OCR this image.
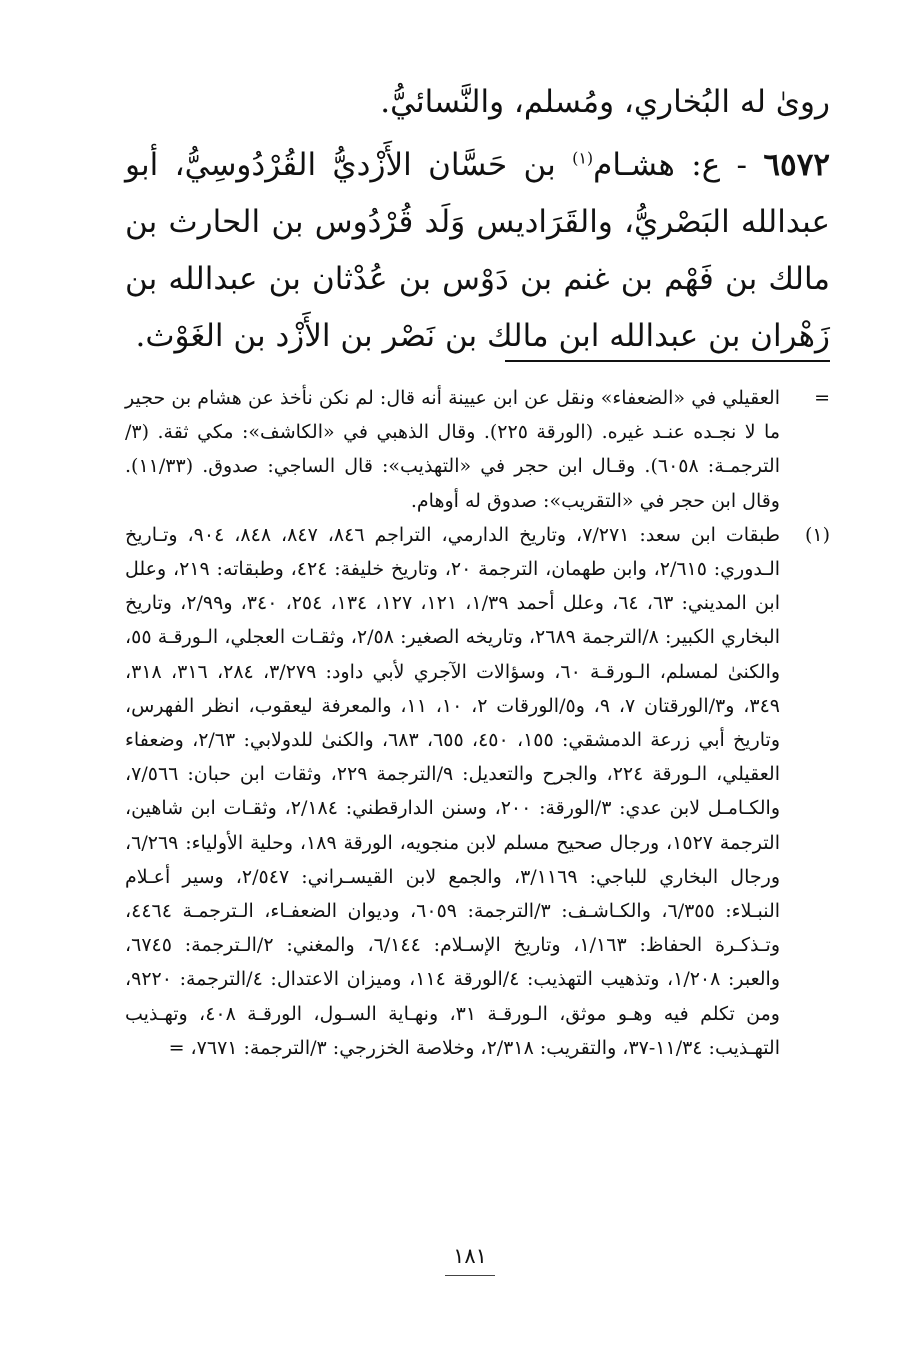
روىٰ له البُخاري، ومُسلم، والنَّسائيُّ.

٦٥٧٢ - ع: هشـام$^{(١)}$ بن حَسَّان الأَزْديُّ القُرْدُوسِيُّ، أبو عبدالله البَصْريُّ، والقَرَاديس وَلَد قُرْدُوس بن الحارث بن مالك بن فَهْم بن غنم بن دَوْس بن عُدْثان بن عبدالله بن زَهْران بن عبدالله ابن مالك بن نَصْر بن الأَزْد بن الغَوْث.

=
العقيلي في «الضعفاء» ونقل عن ابن عيينة أنه قال: لم نكن نأخذ عن هشام بن حجير ما لا نجـده عنـد غيره. (الورقة ٢٢٥). وقال الذهبي في «الكاشف»: مكي ثقة. (٣/الترجمـة: ٦٠٥٨). وقـال ابن حجر في «التهذيب»: قال الساجي: صدوق. (١١/٣٣). وقال ابن حجر في «التقريب»: صدوق له أوهام.
(١)
طبقات ابن سعد: ٧/٢٧١، وتاريخ الدارمي، التراجم ٨٤٦، ٨٤٧، ٨٤٨، ٩٠٤، وتـاريخ الـدوري: ٢/٦١٥، وابن طهمان، الترجمة ٢٠، وتاريخ خليفة: ٤٢٤، وطبقاته: ٢١٩، وعلل ابن المديني: ٦٣، ٦٤، وعلل أحمد ١/٣٩، ١٢١، ١٢٧، ١٣٤، ٢٥٤، ٣٤٠، و٢/٩٩، وتاريخ البخاري الكبير: ٨/الترجمة ٢٦٨٩، وتاريخه الصغير: ٢/٥٨، وثقـات العجلي، الـورقـة ٥٥، والكنىٰ لمسلم، الـورقـة ٦٠، وسؤالات الآجري لأبي داود: ٣/٢٧٩، ٢٨٤، ٣١٦، ٣١٨، ٣٤٩، و٣/الورقتان ٧، ٩، و٥/الورقات ٢، ١٠، ١١، والمعرفة ليعقوب، انظر الفهرس، وتاريخ أبي زرعة الدمشقي: ١٥٥، ٤٥٠، ٦٥٥، ٦٨٣، والكنىٰ للدولابي: ٢/٦٣، وضعفاء العقيلي، الـورقة ٢٢٤، والجرح والتعديل: ٩/الترجمة ٢٢٩، وثقات ابن حبان: ٧/٥٦٦، والكـامـل لابن عدي: ٣/الورقة: ٢٠٠، وسنن الدارقطني: ٢/١٨٤، وثقـات ابن شاهين، الترجمة ١٥٢٧، ورجال صحيح مسلم لابن منجويه، الورقة ١٨٩، وحلية الأولياء: ٦/٢٦٩، ورجال البخاري للباجي: ٣/١١٦٩، والجمع لابن القيسـراني: ٢/٥٤٧، وسير أعـلام النبـلاء: ٦/٣٥٥، والكـاشـف: ٣/الترجمة: ٦٠٥٩، وديوان الضعفـاء، الـترجمـة ٤٤٦٤، وتـذكـرة الحفاظ: ١/١٦٣، وتاريخ الإسـلام: ٦/١٤٤، والمغني: ٢/الـترجمة: ٦٧٤٥، والعبر: ١/٢٠٨، وتذهيب التهذيب: ٤/الورقة ١١٤، وميزان الاعتدال: ٤/الترجمة: ٩٢٢٠، ومن تكلم فيه وهـو موثق، الـورقـة ٣١، ونهـاية السـول، الورقـة ٤٠٨، وتهـذيب التهـذيب: ١١/٣٤-٣٧، والتقريب: ٢/٣١٨، وخلاصة الخزرجي: ٣/الترجمة: ٧٦٧١، =
١٨١
